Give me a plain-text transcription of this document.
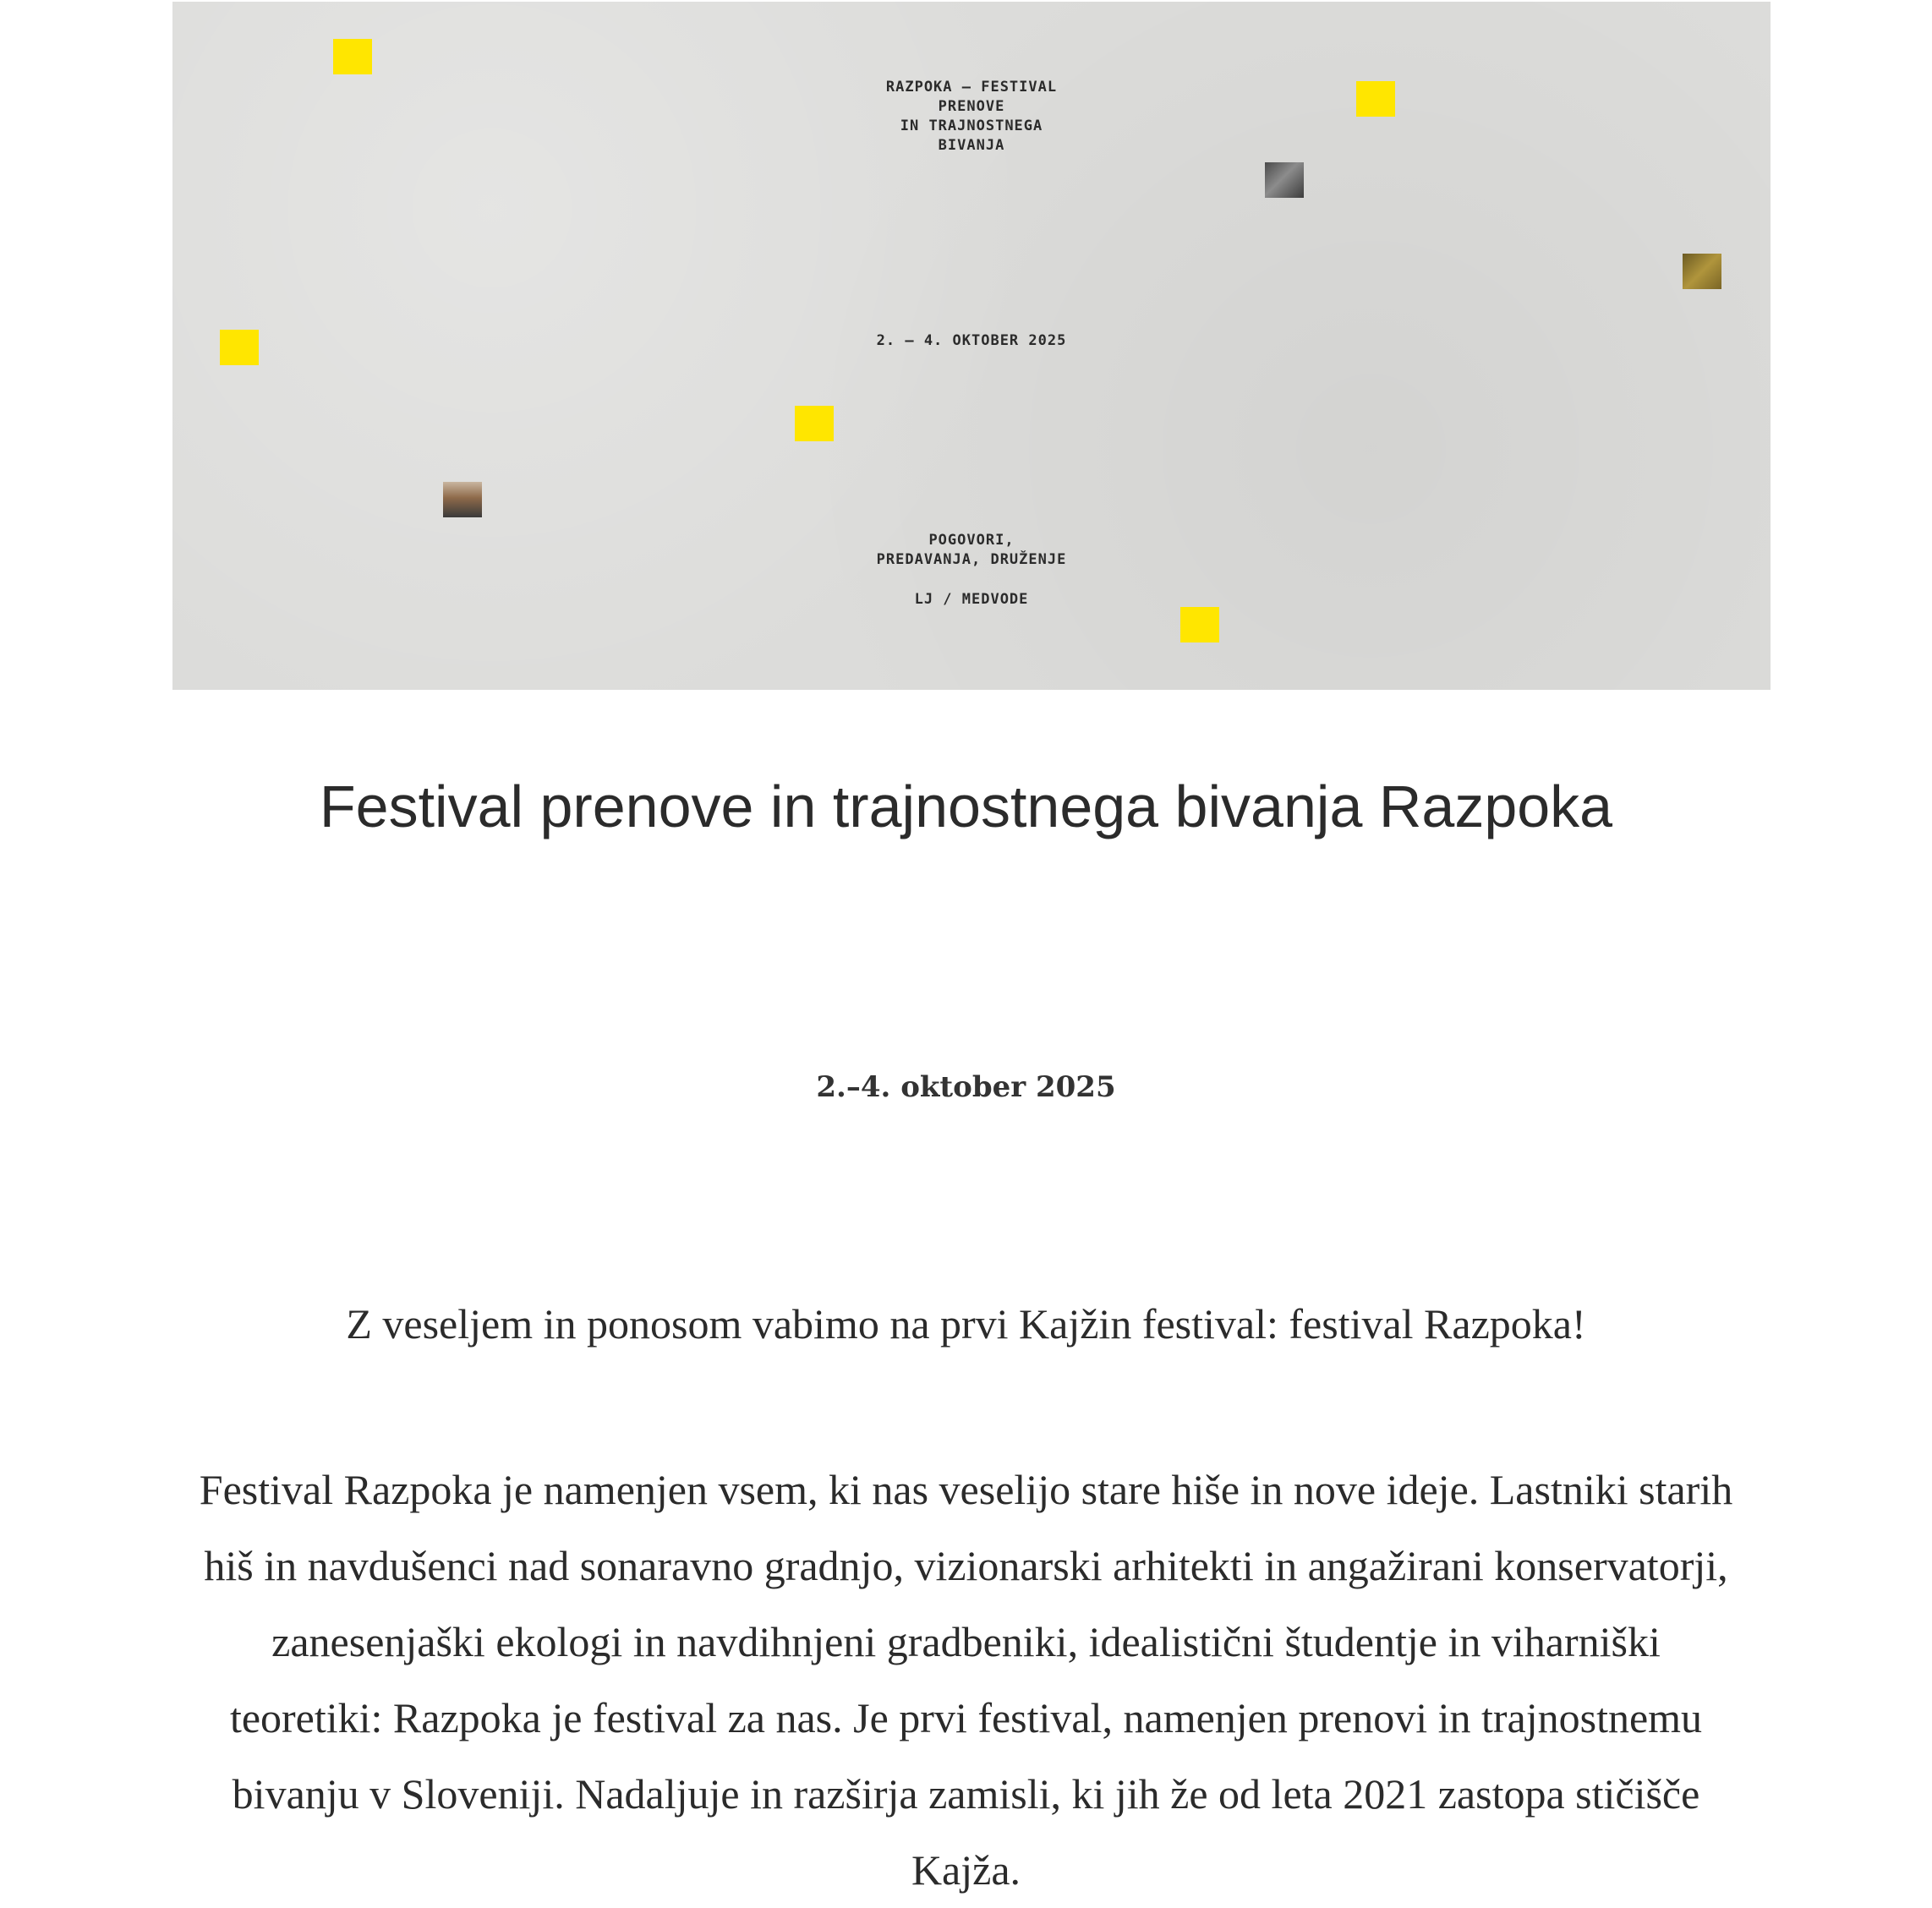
RAZPOKA – FESTIVAL
PRENOVE
IN TRAJNOSTNEGA
BIVANJA
2. – 4. OKTOBER 2025
POGOVORI,
PREDAVANJA, DRUŽENJE
LJ / MEDVODE
Festival prenove in trajnostnega bivanja Razpoka

2.–4. oktober 2025

Z veseljem in ponosom vabimo na prvi Kajžin festival: festival Razpoka!

Festival Razpoka je namenjen vsem, ki nas veselijo stare hiše in nove ideje. Lastniki starih hiš in navdušenci nad sonaravno gradnjo, vizionarski arhitekti in angažirani konservatorji, zanesenjaški ekologi in navdihnjeni gradbeniki, idealistični študentje in viharniški teoretiki: Razpoka je festival za nas. Je prvi festival, namenjen prenovi in trajnostnemu bivanju v Sloveniji. Nadaljuje in razširja zamisli, ki jih že od leta 2021 zastopa stičišče Kajža.
